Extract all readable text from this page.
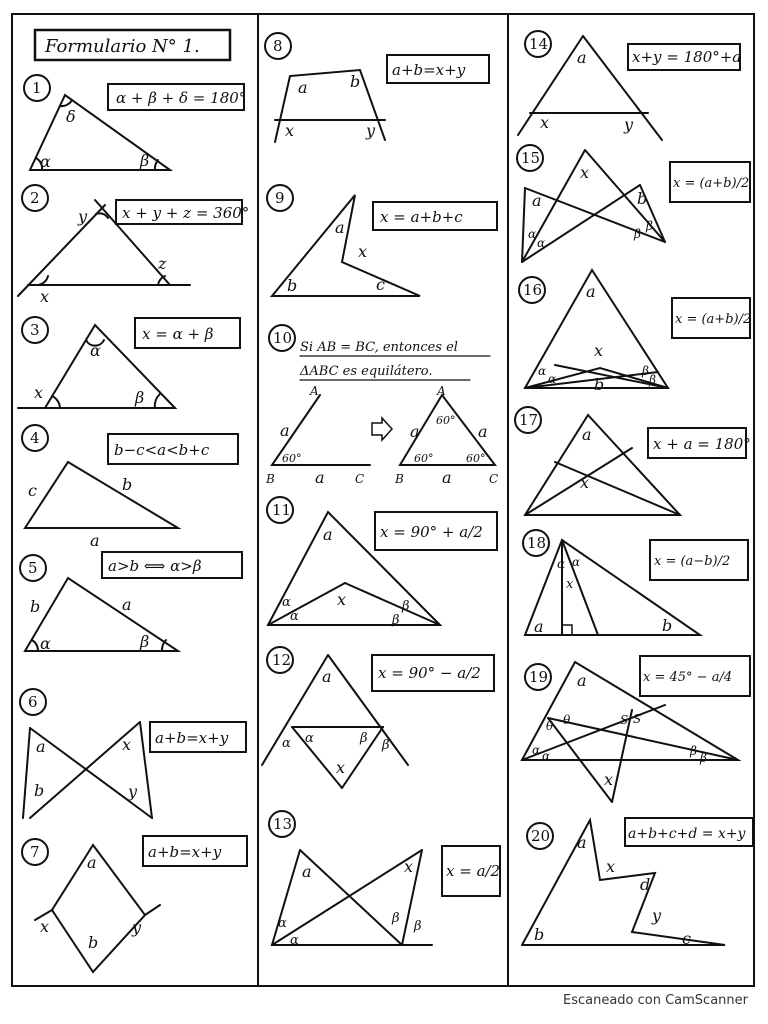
Formulario N° 1.
1
α + β + δ = 180°
δ
α	β
2
x + y + z = 360°
y
z
x
3	x = α + β
α
x	β
4
b−c<a<b+c
c	b
a
5	a>b ⟺ α>β
b	a
α	β
6
a+b=x+y
a	x
b	y
7	a+b=x+y
a
x	y
b
8
a+b=x+y
a	b
x	y
9
x = a+b+c
a
x
b	c
10
Si AB = BC, entonces el
ΔABC es equilátero.
A
a
60°
B	a	C
A
60°
a	a
60°	60°
B a	C
11
x = 90° + a/2
a
x
α
α
β
β
12
x = 90° − a/2
a
α α	β β
x
13
x = a/2
a	x
α
α
β
β
14
x+y = 180°+a
a
x	y
15
x = (a+b)/2
x
a	b
α
α
β
β
16
x = (a+b)/2
a
x
b
α
α
β
β
17
x + a = 180°
a
x
18
x = (a−b)/2
α α
x
a	b
19	x = 45° − a/4
a
θ θ	S S
α α	β β
x
20	a+b+c+d = x+y
a
x
d
y
b	c
Escaneado con CamScanner
